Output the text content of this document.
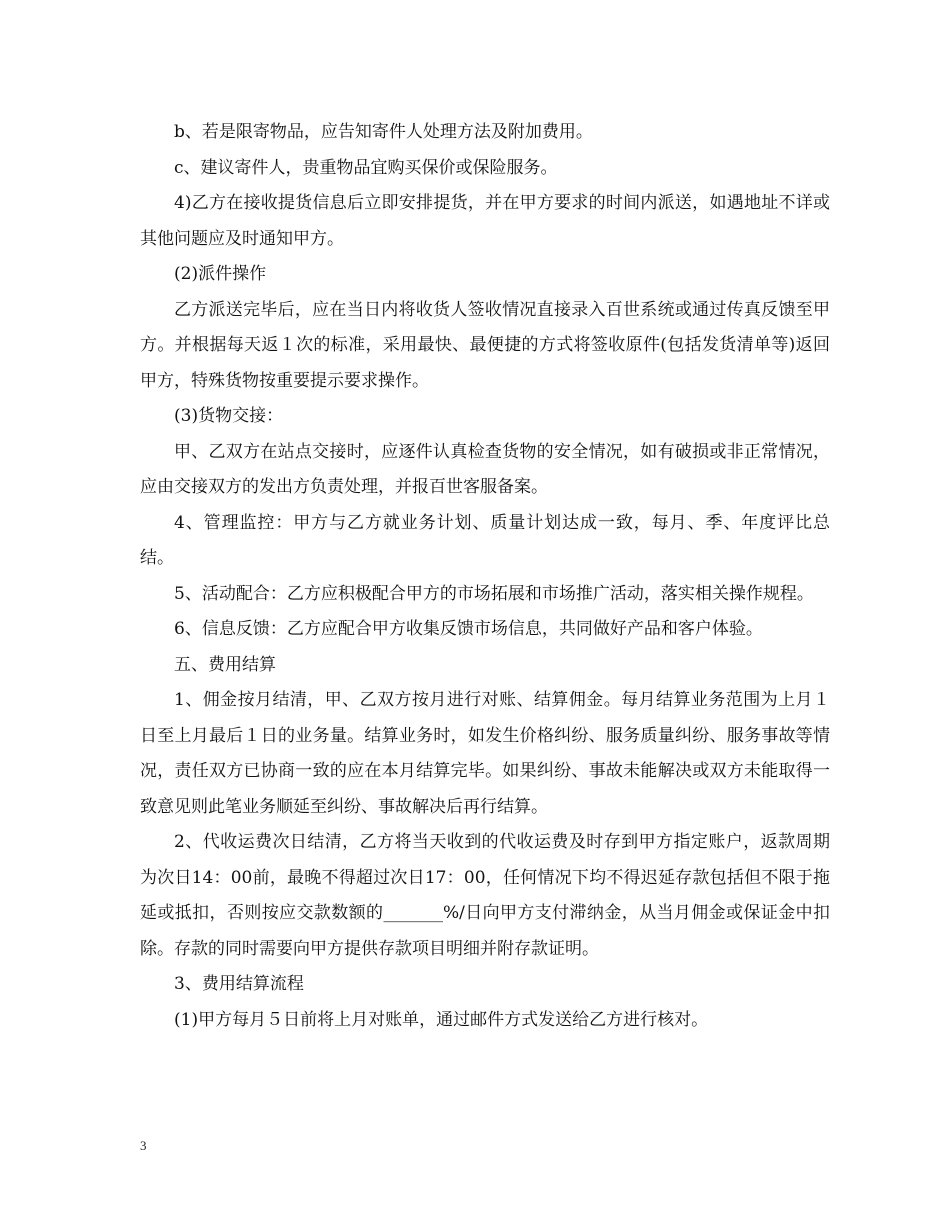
b、若是限寄物品，应告知寄件人处理方法及附加费用。

c、建议寄件人，贵重物品宜购买保价或保险服务。

4)乙方在接收提货信息后立即安排提货，并在甲方要求的时间内派送，如遇地址不详或其他问题应及时通知甲方。

(2)派件操作

乙方派送完毕后，应在当日内将收货人签收情况直接录入百世系统或通过传真反馈至甲方。并根据每天返１次的标准，采用最快、最便捷的方式将签收原件(包括发货清单等)返回甲方，特殊货物按重要提示要求操作。

(3)货物交接：

甲、乙双方在站点交接时，应逐件认真检查货物的安全情况，如有破损或非正常情况，应由交接双方的发出方负责处理，并报百世客服备案。

4、管理监控：甲方与乙方就业务计划、质量计划达成一致，每月、季、年度评比总结。

5、活动配合：乙方应积极配合甲方的市场拓展和市场推广活动，落实相关操作规程。

6、信息反馈：乙方应配合甲方收集反馈市场信息，共同做好产品和客户体验。

五、费用结算

1、佣金按月结清，甲、乙双方按月进行对账、结算佣金。每月结算业务范围为上月１日至上月最后１日的业务量。结算业务时，如发生价格纠纷、服务质量纠纷、服务事故等情况，责任双方已协商一致的应在本月结算完毕。如果纠纷、事故未能解决或双方未能取得一致意见则此笔业务顺延至纠纷、事故解决后再行结算。

2、代收运费次日结清，乙方将当天收到的代收运费及时存到甲方指定账户，返款周期为次日14：00前，最晚不得超过次日17：00，任何情况下均不得迟延存款包括但不限于拖延或抵扣，否则按应交款数额的_______%/日向甲方支付滞纳金，从当月佣金或保证金中扣除。存款的同时需要向甲方提供存款项目明细并附存款证明。

3、费用结算流程

(1)甲方每月５日前将上月对账单，通过邮件方式发送给乙方进行核对。

3
